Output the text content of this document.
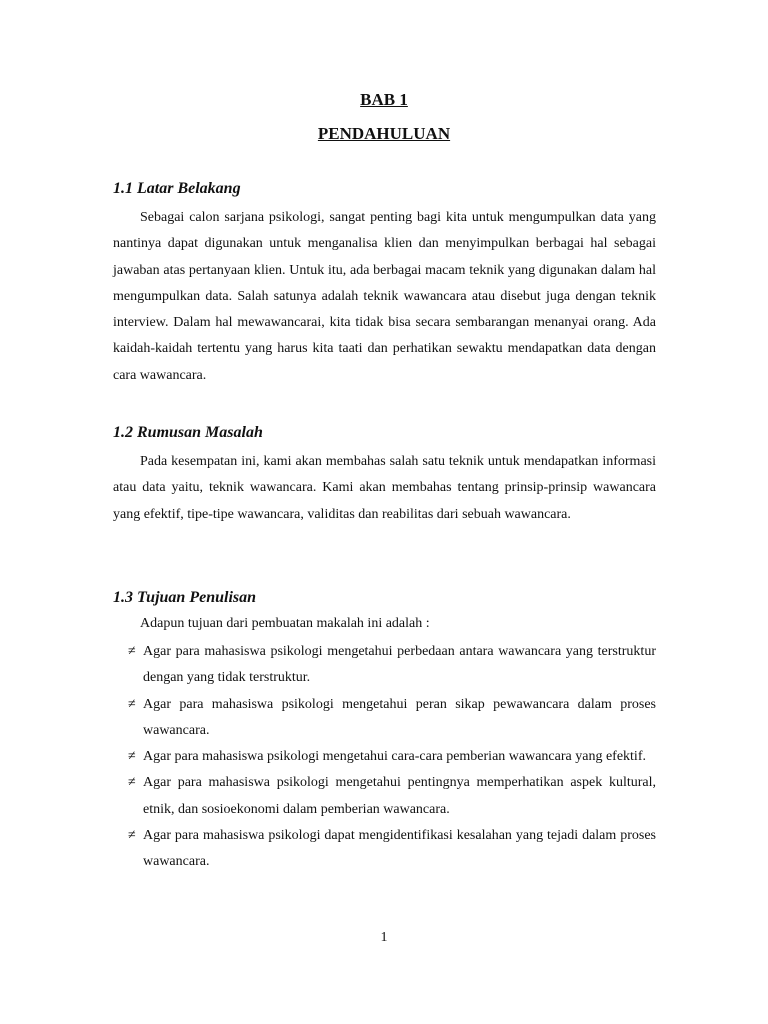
BAB 1
PENDAHULUAN
1.1 Latar Belakang

Sebagai calon sarjana psikologi, sangat penting bagi kita untuk mengumpulkan data yang nantinya dapat digunakan untuk menganalisa klien dan menyimpulkan berbagai hal sebagai jawaban atas pertanyaan klien. Untuk itu, ada berbagai macam teknik yang digunakan dalam hal mengumpulkan data. Salah satunya adalah teknik wawancara atau disebut juga dengan teknik interview. Dalam hal mewawancarai, kita tidak bisa secara sembarangan menanyai orang. Ada kaidah-kaidah tertentu yang harus kita taati dan perhatikan sewaktu mendapatkan data dengan cara wawancara.

1.2 Rumusan Masalah

Pada kesempatan ini, kami akan membahas salah satu teknik untuk mendapatkan informasi atau data yaitu, teknik wawancara. Kami akan membahas tentang prinsip-prinsip wawancara yang efektif, tipe-tipe wawancara, validitas dan reabilitas dari sebuah wawancara.

1.3 Tujuan Penulisan

Adapun tujuan dari pembuatan makalah ini adalah :

≠ Agar para mahasiswa psikologi mengetahui perbedaan antara wawancara yang terstruktur dengan yang tidak terstruktur.
≠ Agar para mahasiswa psikologi mengetahui peran sikap pewawancara dalam proses wawancara.
≠ Agar para mahasiswa psikologi mengetahui cara-cara pemberian wawancara yang efektif.
≠ Agar para mahasiswa psikologi mengetahui pentingnya memperhatikan aspek kultural, etnik, dan sosioekonomi dalam pemberian wawancara.
≠ Agar para mahasiswa psikologi dapat mengidentifikasi kesalahan yang tejadi dalam proses wawancara.

1
